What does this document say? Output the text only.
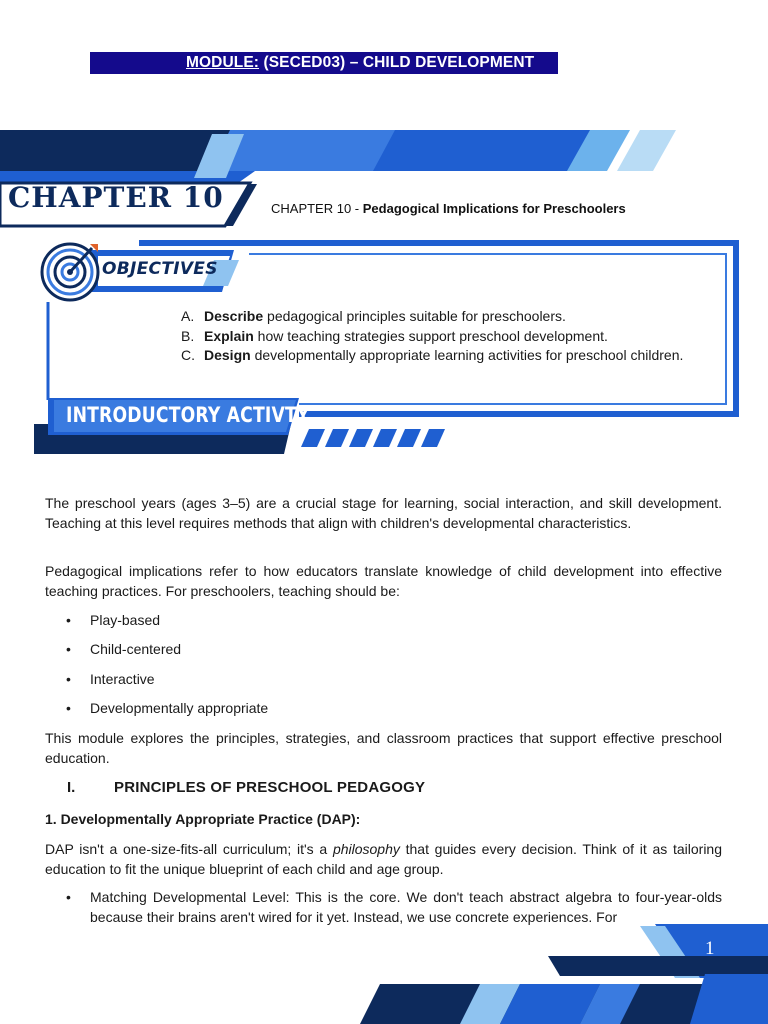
MODULE: (SECED03) – CHILD DEVELOPMENT
CHAPTER 10	CHAPTER 10 - Pedagogical Implications for Preschoolers
OBJECTIVES
A. Describe pedagogical principles suitable for preschoolers.
B. Explain how teaching strategies support preschool development.
C. Design developmentally appropriate learning activities for preschool children.
INTRODUCTORY ACTIVTY
The preschool years (ages 3–5) are a crucial stage for learning, social interaction, and skill development. Teaching at this level requires methods that align with children's developmental characteristics.
Pedagogical implications refer to how educators translate knowledge of child development into effective teaching practices. For preschoolers, teaching should be:
• Play-based
• Child-centered
• Interactive
• Developmentally appropriate
This module explores the principles, strategies, and classroom practices that support effective preschool education.
I.	PRINCIPLES OF PRESCHOOL PEDAGOGY
1. Developmentally Appropriate Practice (DAP):
DAP isn't a one-size-fits-all curriculum; it's a philosophy that guides every decision. Think of it as tailoring education to fit the unique blueprint of each child and age group.
• Matching Developmental Level: This is the core. We don't teach abstract algebra to four-year-olds because their brains aren't wired for it yet. Instead, we use concrete experiences. For
1
